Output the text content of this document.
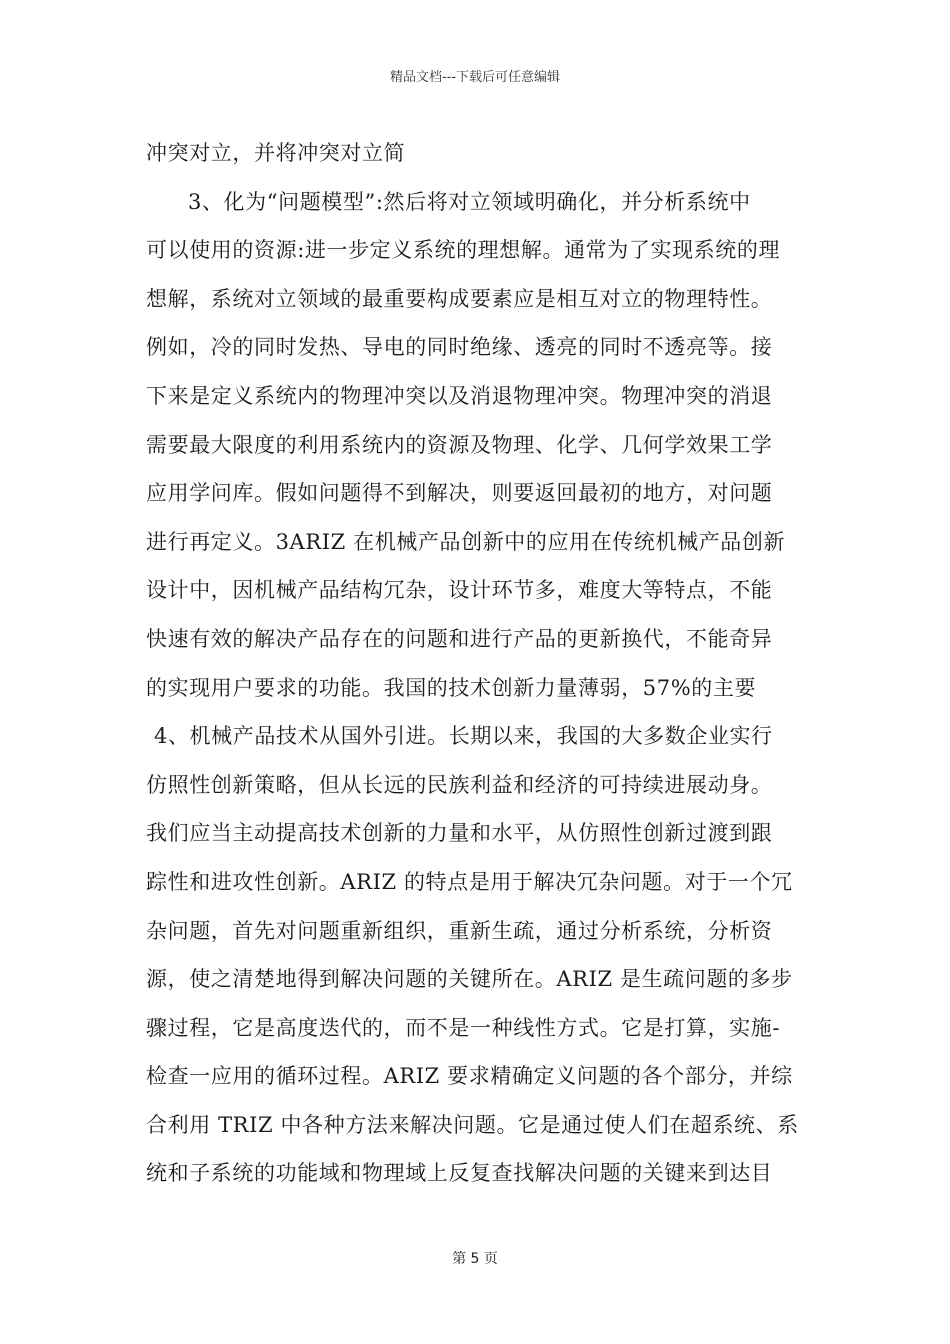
精品文档---下载后可任意编辑
冲突对立，并将冲突对立简
3、化为“问题模型”:然后将对立领域明确化，并分析系统中
可以使用的资源:进一步定义系统的理想解。通常为了实现系统的理
想解，系统对立领域的最重要构成要素应是相互对立的物理特性。
例如，冷的同时发热、导电的同时绝缘、透亮的同时不透亮等。接
下来是定义系统内的物理冲突以及消退物理冲突。物理冲突的消退
需要最大限度的利用系统内的资源及物理、化学、几何学效果工学
应用学问库。假如问题得不到解决，则要返回最初的地方，对问题
进行再定义。3ARIZ 在机械产品创新中的应用在传统机械产品创新
设计中，因机械产品结构冗杂，设计环节多，难度大等特点，不能
快速有效的解决产品存在的问题和进行产品的更新换代，不能奇异
的实现用户要求的功能。我国的技术创新力量薄弱，57%的主要
4、机械产品技术从国外引进。长期以来，我国的大多数企业实行
仿照性创新策略，但从长远的民族利益和经济的可持续进展动身。
我们应当主动提高技术创新的力量和水平，从仿照性创新过渡到跟
踪性和进攻性创新。ARIZ 的特点是用于解决冗杂问题。对于一个冗
杂问题，首先对问题重新组织，重新生疏，通过分析系统，分析资
源，使之清楚地得到解决问题的关键所在。ARIZ 是生疏问题的多步
骤过程，它是高度迭代的，而不是一种线性方式。它是打算，实施-
检查一应用的循环过程。ARIZ 要求精确定义问题的各个部分，并综
合利用 TRIZ 中各种方法来解决问题。它是通过使人们在超系统、系
统和子系统的功能域和物理域上反复查找解决问题的关键来到达目
第 5 页
